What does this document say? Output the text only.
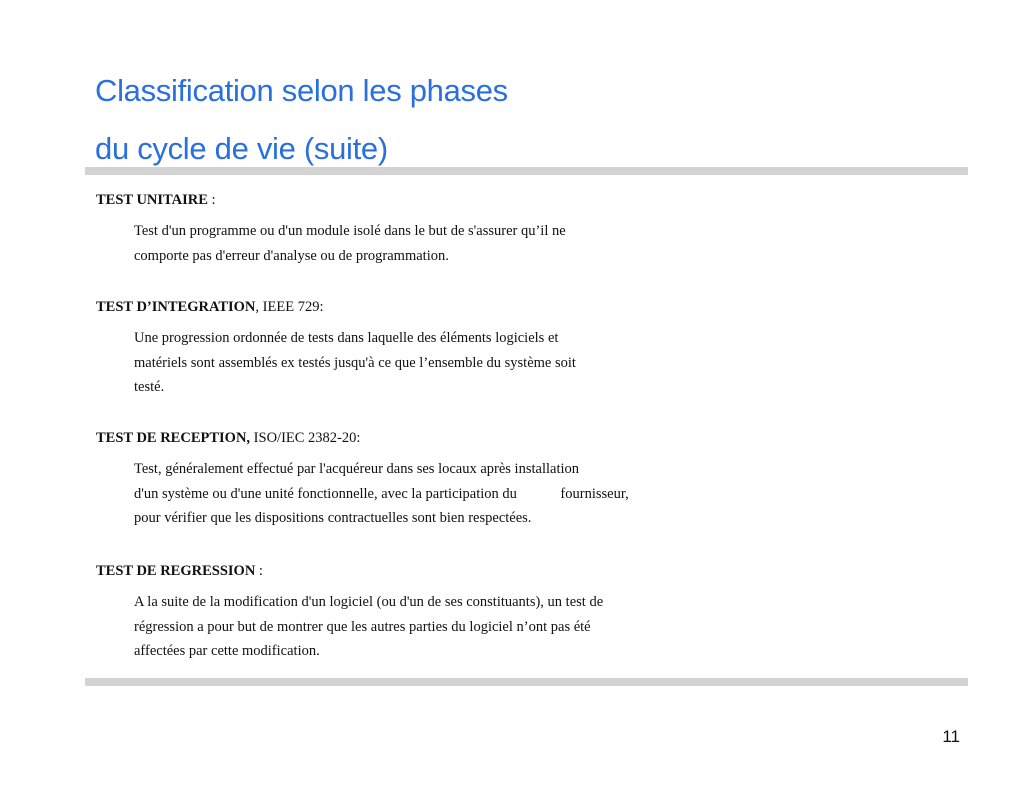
Classification selon les phases
du cycle de vie (suite)
TEST UNITAIRE :
Test d'un programme ou d'un module isolé dans le but de s'assurer qu’il ne
comporte pas d'erreur d'analyse ou de programmation.
TEST D’INTEGRATION, IEEE 729:
Une progression ordonnée de tests dans laquelle des éléments logiciels et
matériels sont assemblés ex testés jusqu'à ce que l’ensemble du système soit
testé.
TEST DE RECEPTION, ISO/IEC 2382-20:
Test, généralement effectué par l'acquéreur dans ses locaux après installation
d'un système ou d'une unité fonctionnelle, avec la participation du            fournisseur,
pour vérifier que les dispositions contractuelles sont bien respectées.
TEST DE REGRESSION :
A la suite de la modification d'un logiciel (ou d'un de ses constituants), un test de
régression a pour but de montrer que les autres parties du logiciel n’ont pas été
affectées par cette modification.
11
